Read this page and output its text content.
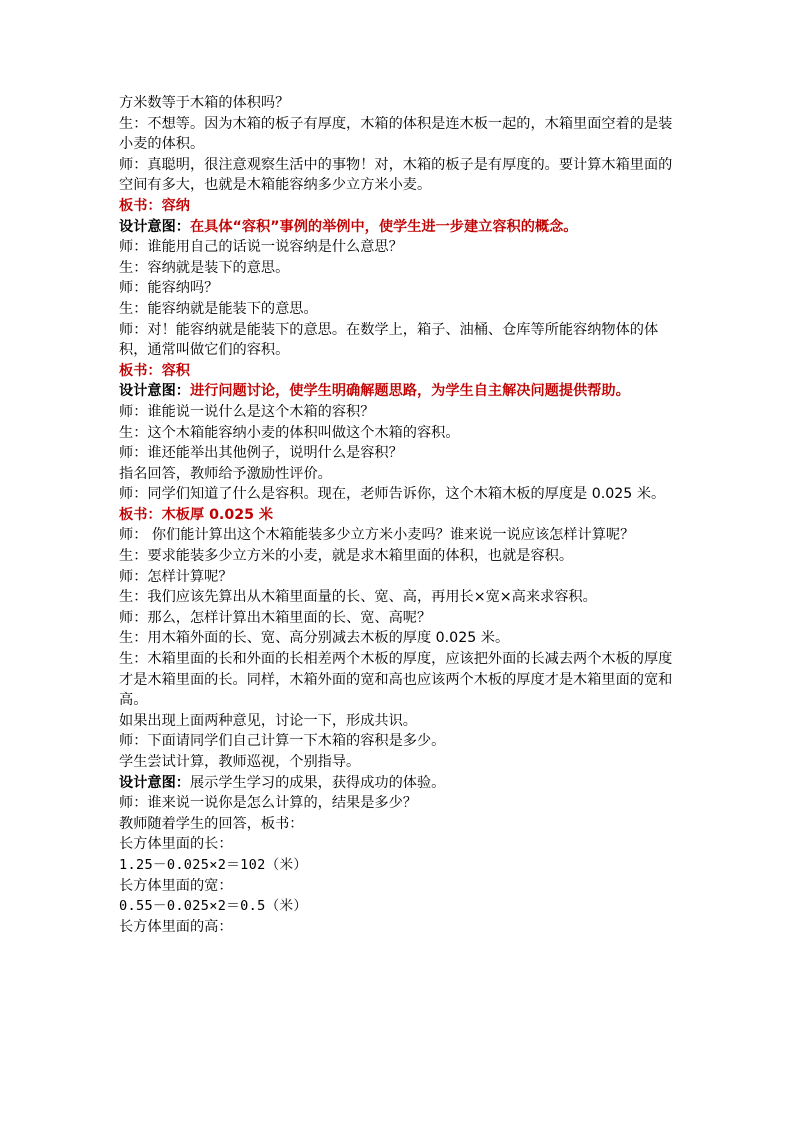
方米数等于木箱的体积吗？

生：不想等。因为木箱的板子有厚度，木箱的体积是连木板一起的，木箱里面空着的是装小麦的体积。

师：真聪明，很注意观察生活中的事物！对，木箱的板子是有厚度的。要计算木箱里面的空间有多大，也就是木箱能容纳多少立方米小麦。

板书：容纳

设计意图：在具体“容积”事例的举例中，使学生进一步建立容积的概念。

师：谁能用自己的话说一说容纳是什么意思？

生：容纳就是装下的意思。

师：能容纳吗？

生：能容纳就是能装下的意思。

师：对！能容纳就是能装下的意思。在数学上，箱子、油桶、仓库等所能容纳物体的体积，通常叫做它们的容积。

板书：容积

设计意图：进行问题讨论，使学生明确解题思路，为学生自主解决问题提供帮助。

师：谁能说一说什么是这个木箱的容积？

生：这个木箱能容纳小麦的体积叫做这个木箱的容积。

师：谁还能举出其他例子，说明什么是容积？

指名回答，教师给予激励性评价。

师：同学们知道了什么是容积。现在，老师告诉你，这个木箱木板的厚度是 0.025 米。

板书：木板厚 0.025 米

师： 你们能计算出这个木箱能装多少立方米小麦吗？谁来说一说应该怎样计算呢？

生：要求能装多少立方米的小麦，就是求木箱里面的体积，也就是容积。

师：怎样计算呢？

生：我们应该先算出从木箱里面量的长、宽、高，再用长×宽×高来求容积。

师：那么，怎样计算出木箱里面的长、宽、高呢？

生：用木箱外面的长、宽、高分别减去木板的厚度 0.025 米。

生：木箱里面的长和外面的长相差两个木板的厚度，应该把外面的长减去两个木板的厚度才是木箱里面的长。同样，木箱外面的宽和高也应该两个木板的厚度才是木箱里面的宽和高。

如果出现上面两种意见，讨论一下，形成共识。

师：下面请同学们自己计算一下木箱的容积是多少。

学生尝试计算，教师巡视，个别指导。

设计意图：展示学生学习的成果，获得成功的体验。

师：谁来说一说你是怎么计算的，结果是多少？

教师随着学生的回答，板书：

长方体里面的长：

1.25－0.025×2＝102（米）

长方体里面的宽：

0.55－0.025×2＝0.5（米）

长方体里面的高：
